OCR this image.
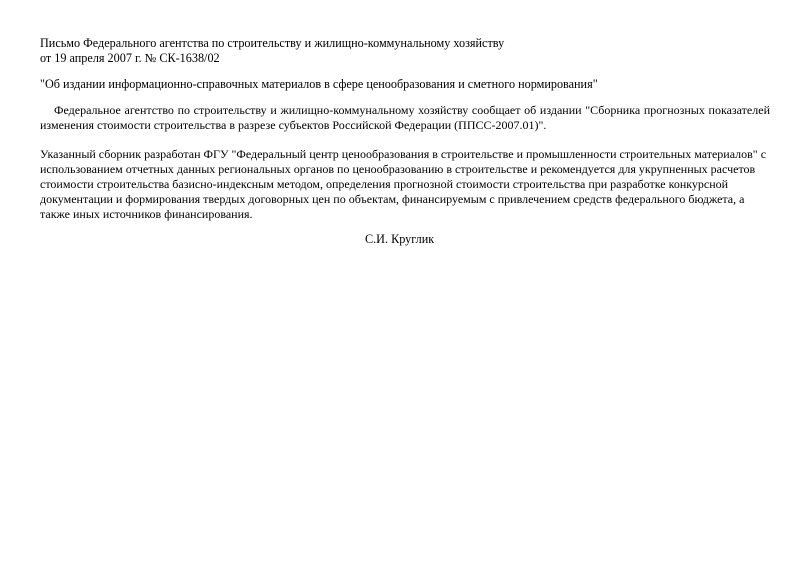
Письмо Федерального агентства по строительству и жилищно-коммунальному хозяйству

от 19 апреля 2007 г. № СК-1638/02

"Об издании информационно-справочных материалов в сфере ценообразования и сметного нормирования"

Федеральное агентство по строительству и жилищно-коммунальному хозяйству сообщает об издании "Сборника прогнозных показателей изменения стоимости строительства в разрезе субъектов Российской Федерации (ППСС-2007.01)".

Указанный сборник разработан ФГУ "Федеральный центр ценообразования в строительстве и промышленности строительных материалов" с использованием отчетных данных региональных органов по ценообразованию в строительстве и рекомендуется для укрупненных расчетов стоимости строительства базисно-индексным методом, определения прогнозной стоимости строительства при разработке конкурсной документации и формирования твердых договорных цен по объектам, финансируемым с привлечением средств федерального бюджета, а также иных источников финансирования.

С.И. Круглик
